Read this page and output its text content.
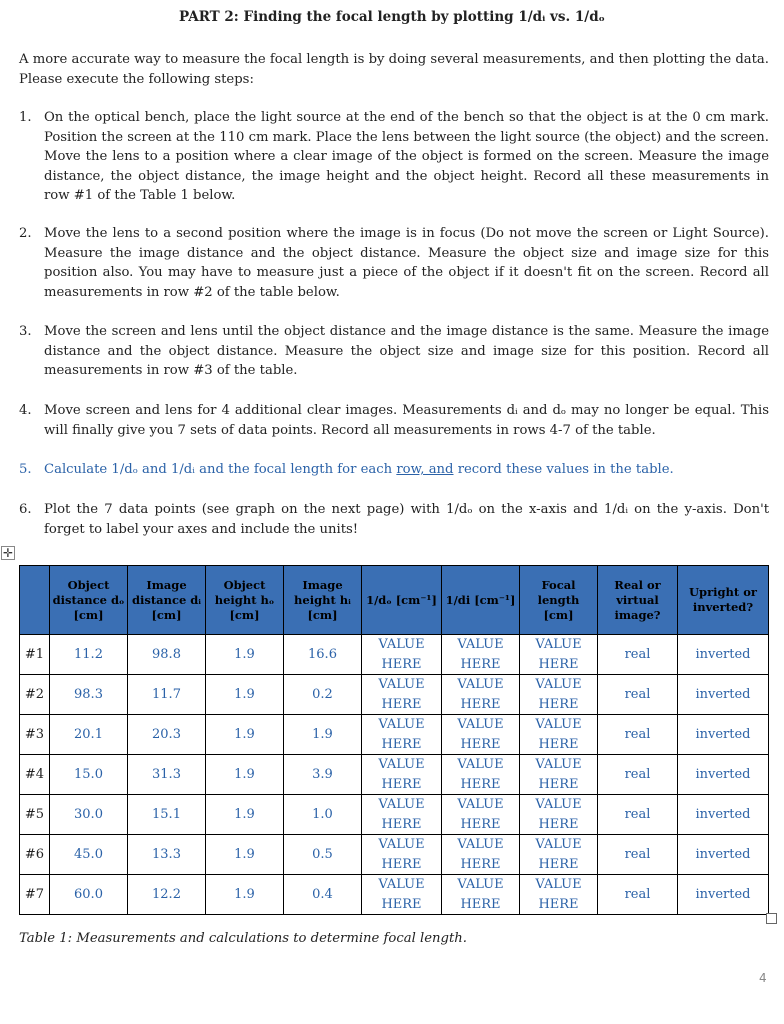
PART 2: Finding the focal length by plotting 1/dᵢ vs. 1/dₒ

A more accurate way to measure the focal length is by doing several measurements, and then plotting the data. Please execute the following steps:

1. On the optical bench, place the light source at the end of the bench so that the object is at the 0 cm mark. Position the screen at the 110 cm mark. Place the lens between the light source (the object) and the screen. Move the lens to a position where a clear image of the object is formed on the screen. Measure the image distance, the object distance, the image height and the object height. Record all these measurements in row #1 of the Table 1 below.
2. Move the lens to a second position where the image is in focus (Do not move the screen or Light Source). Measure the image distance and the object distance. Measure the object size and image size for this position also. You may have to measure just a piece of the object if it doesn't fit on the screen. Record all measurements in row #2 of the table below.
3. Move the screen and lens until the object distance and the image distance is the same. Measure the image distance and the object distance. Measure the object size and image size for this position. Record all measurements in row #3 of the table.
4. Move screen and lens for 4 additional clear images. Measurements dᵢ and dₒ may no longer be equal. This will finally give you 7 sets of data points. Record all measurements in rows 4-7 of the table.
5. Calculate 1/dₒ and 1/dᵢ and the focal length for each row, and record these values in the table.
6. Plot the 7 data points (see graph on the next page) with 1/dₒ on the x-axis and 1/dᵢ on the y-axis. Don't forget to label your axes and include the units!
✛
	Object distance dₒ [cm]	Image distance dᵢ [cm]	Object height hₒ [cm]	Image height hᵢ [cm]	1/dₒ [cm⁻¹]	1/di [cm⁻¹]	Focal length [cm]	Real or virtual image?	Upright or inverted?
#1	11.2	98.8	1.9	16.6	VALUE HERE	VALUE HERE	VALUE HERE	real	inverted
#2	98.3	11.7	1.9	0.2	VALUE HERE	VALUE HERE	VALUE HERE	real	inverted
#3	20.1	20.3	1.9	1.9	VALUE HERE	VALUE HERE	VALUE HERE	real	inverted
#4	15.0	31.3	1.9	3.9	VALUE HERE	VALUE HERE	VALUE HERE	real	inverted
#5	30.0	15.1	1.9	1.0	VALUE HERE	VALUE HERE	VALUE HERE	real	inverted
#6	45.0	13.3	1.9	0.5	VALUE HERE	VALUE HERE	VALUE HERE	real	inverted
#7	60.0	12.2	1.9	0.4	VALUE HERE	VALUE HERE	VALUE HERE	real	inverted
Table 1: Measurements and calculations to determine focal length.
4
